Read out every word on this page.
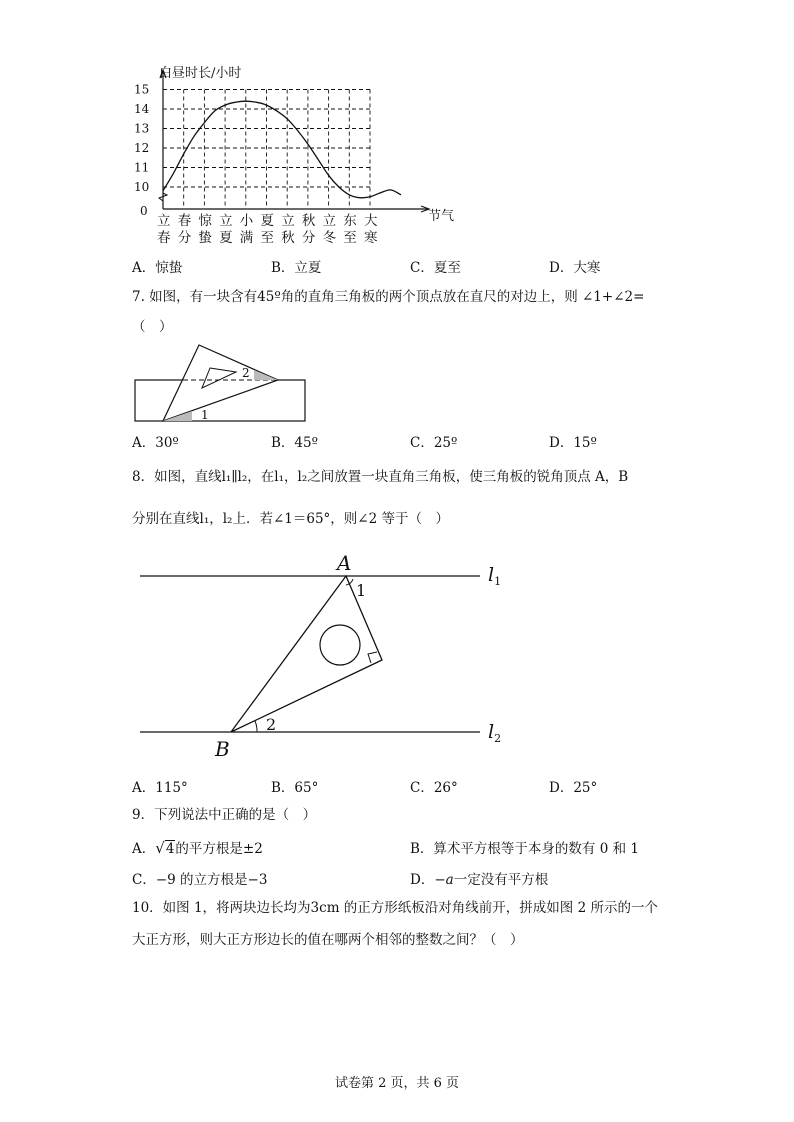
0
10
11
12
13
14
15
立
春
春
分
惊
蛰
立
夏
小
满
夏
至
立
秋
秋
分
立
冬
东
至
大
寒
白昼时长/小时
节气
A．惊蛰	B．立夏	C．夏至	D．大寒
7. 如图，有一块含有45º角的直角三角板的两个顶点放在直尺的对边上，则 ∠1+∠2=
（　）
2
1
A．30º	B．45º	C．25º	D．15º
8．如图，直线l₁∥l₂，在l₁，l₂之间放置一块直角三角板，使三角板的锐角顶点 A，B
分别在直线l₁，l₂上．若∠1＝65°，则∠2 等于（　）
A
B
1
2
$l_1$
$l_2$
A．115°	B．65°	C．26°	D．25°
9．下列说法中正确的是（　）
A．√4的平方根是±2	B．算术平方根等于本身的数有 0 和 1
C．−9 的立方根是−3	D．−a一定没有平方根
10．如图 1，将两块边长均为3cm 的正方形纸板沿对角线前开，拼成如图 2 所示的一个
大正方形，则大正方形边长的值在哪两个相邻的整数之间？（　）
试卷第 2 页，共 6 页
